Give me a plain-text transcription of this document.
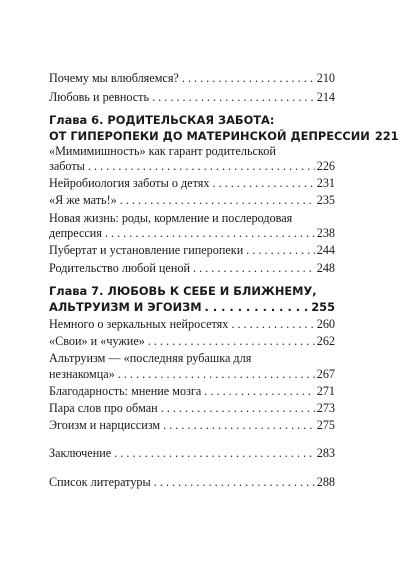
Почему мы влюбляемся? . . .	210
Любовь и ревность . . .	214
Глава 6. РОДИТЕЛЬСКАЯ ЗАБОТА:
ОТ ГИПЕРОПЕКИ ДО МАТЕРИНСКОЙ ДЕПРЕССИИ 221
«Мимимишность» как гарант родительской
заботы . . .	226
Нейробиология заботы о детях . . .	231
«Я же мать!» . . .	235
Новая жизнь: роды, кормление и послеродовая
депрессия . . .	238
Пубертат и установление гиперопеки . . .	244
Родительство любой ценой . . .	248
Глава 7. ЛЮБОВЬ К СЕБЕ И БЛИЖНЕМУ,
АЛЬТРУИЗМ И ЭГОИЗМ . . .	255
Немного о зеркальных нейросетях . . .	260
«Свои» и «чужие» . . .	262
Альтруизм — «последняя рубашка для
незнакомца» . . .	267
Благодарность: мнение мозга . . .	271
Пара слов про обман . . .	273
Эгоизм и нарциссизм . . .	275
Заключение . . .	283
Список литературы . . .	288
